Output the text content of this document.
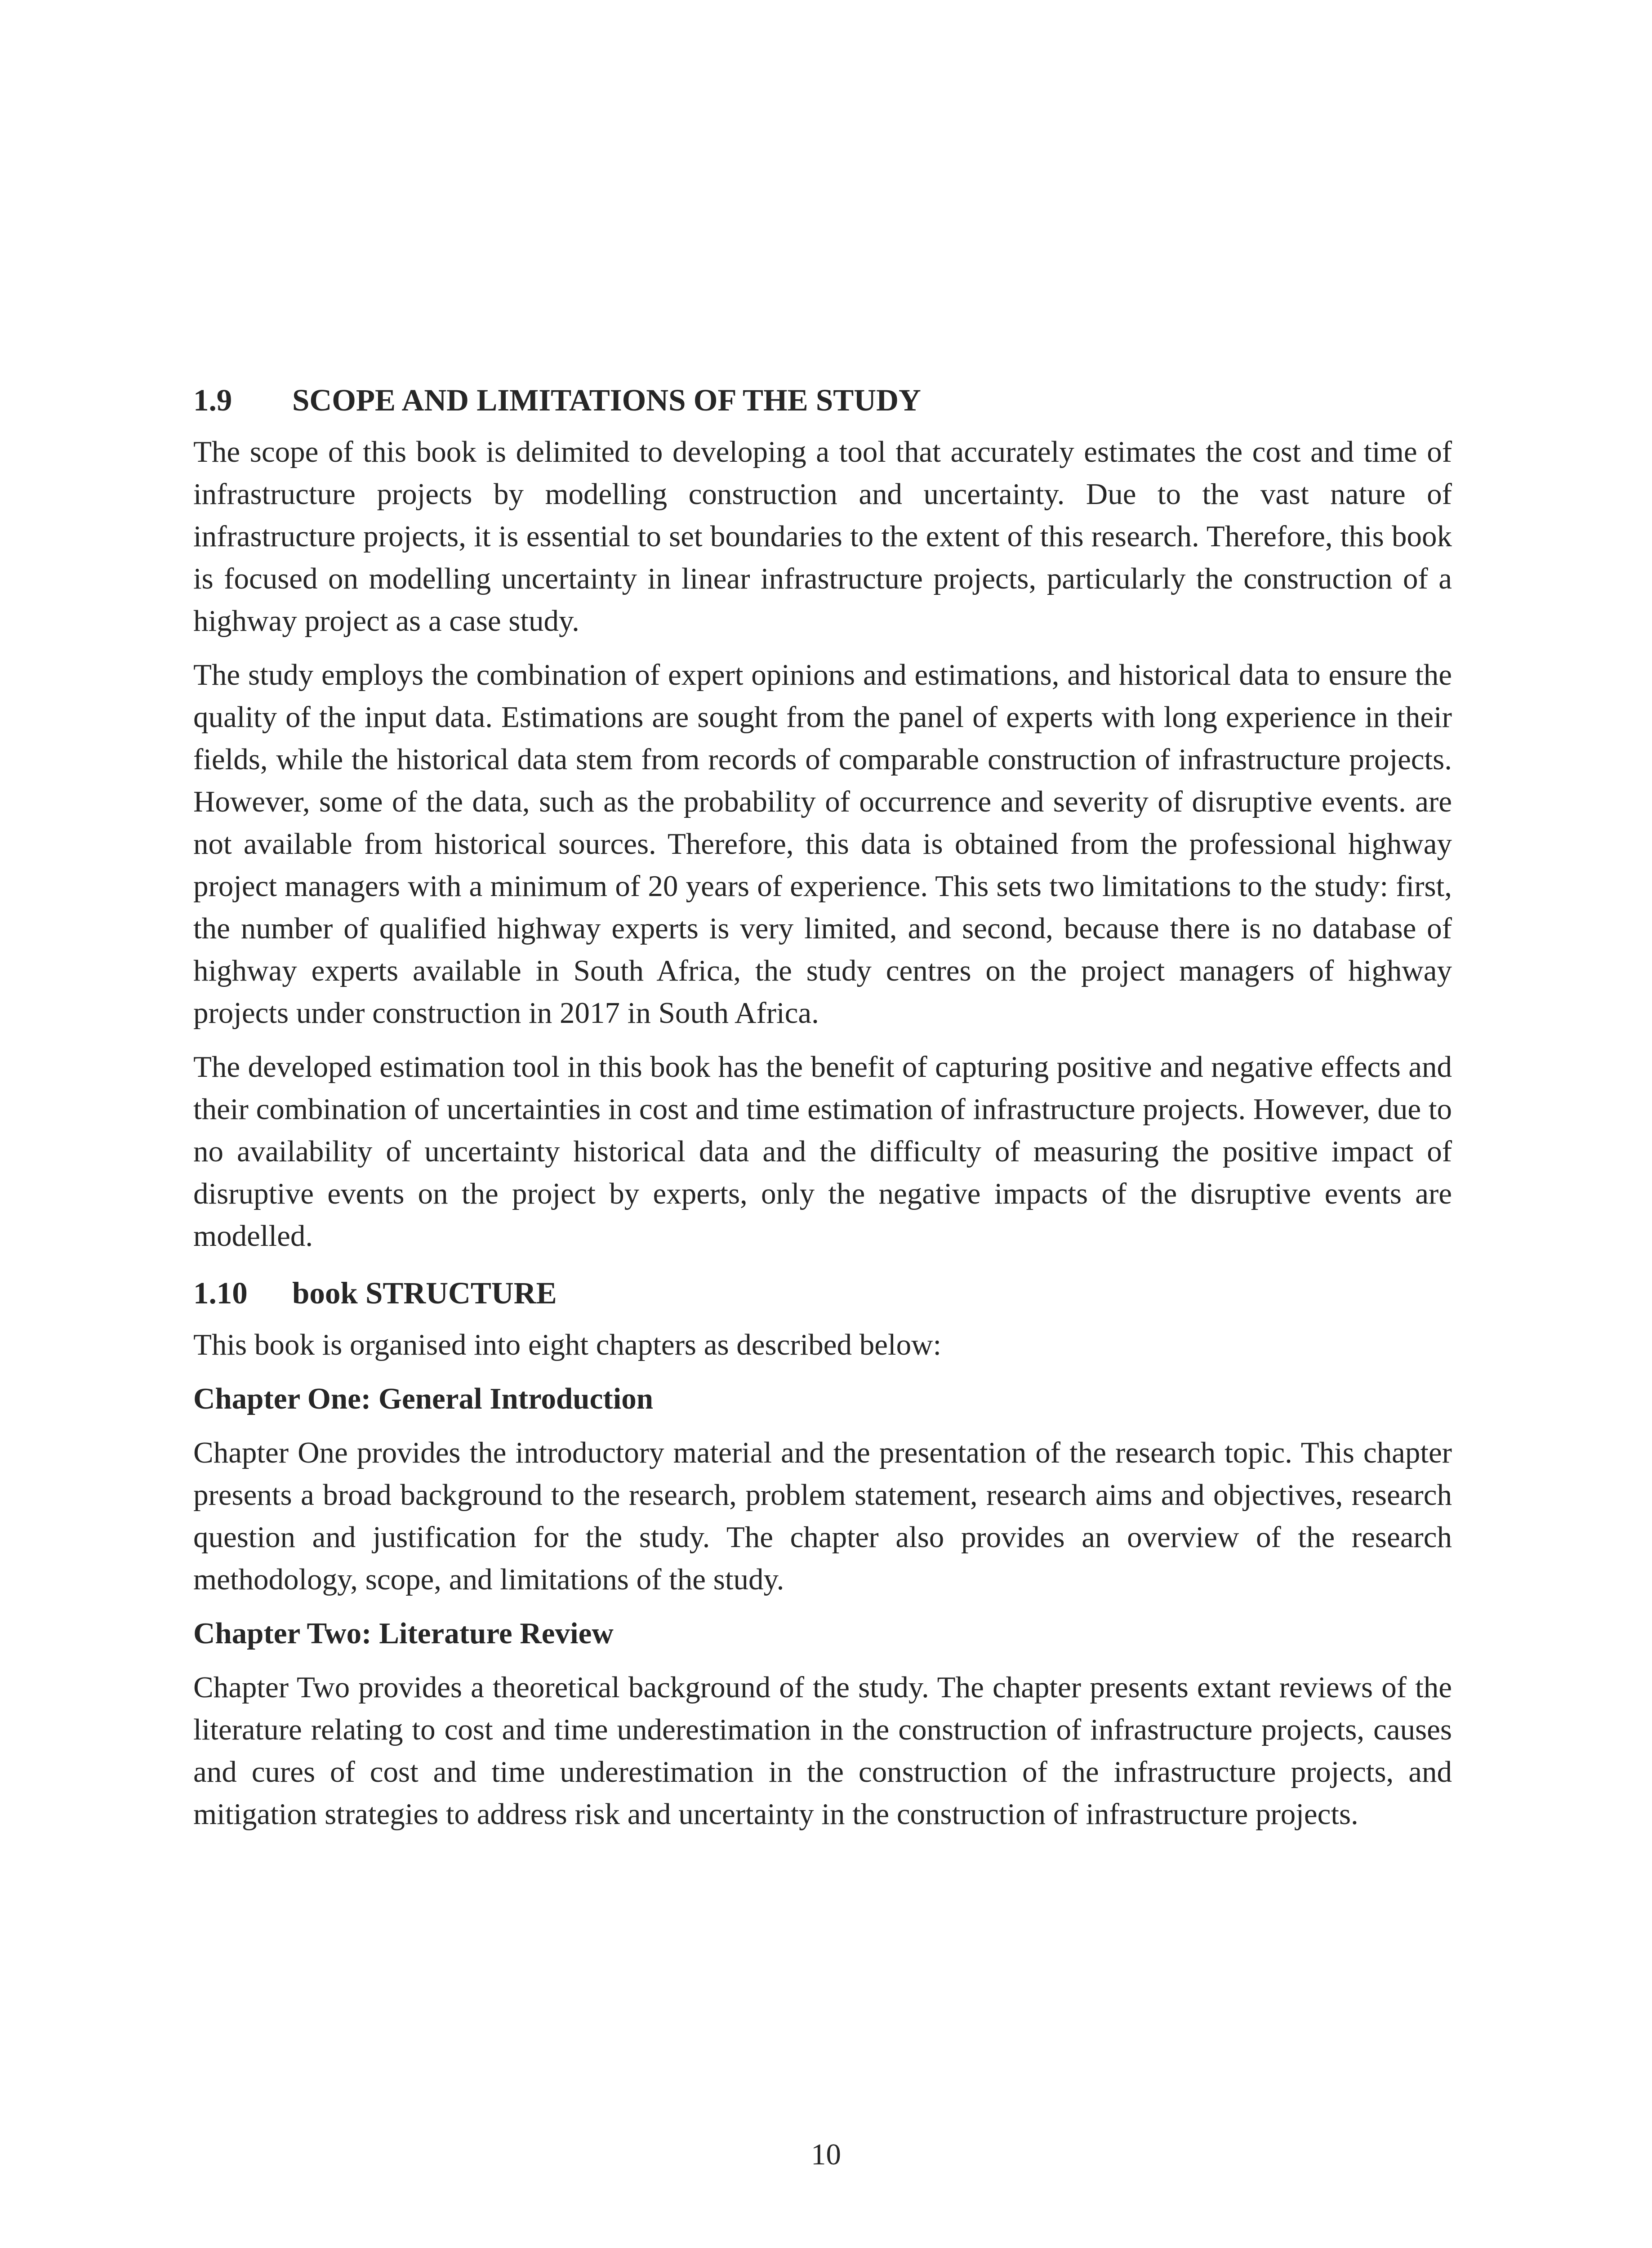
1.9 SCOPE AND LIMITATIONS OF THE STUDY

The scope of this book is delimited to developing a tool that accurately estimates the cost and time of infrastructure projects by modelling construction and uncertainty. Due to the vast nature of infrastructure projects, it is essential to set boundaries to the extent of this research. Therefore, this book is focused on modelling uncertainty in linear infrastructure projects, particularly the construction of a highway project as a case study.

The study employs the combination of expert opinions and estimations, and historical data to ensure the quality of the input data. Estimations are sought from the panel of experts with long experience in their fields, while the historical data stem from records of comparable construction of infrastructure projects. However, some of the data, such as the probability of occurrence and severity of disruptive events. are not available from historical sources. Therefore, this data is obtained from the professional highway project managers with a minimum of 20 years of experience. This sets two limitations to the study: first, the number of qualified highway experts is very limited, and second, because there is no database of highway experts available in South Africa, the study centres on the project managers of highway projects under construction in 2017 in South Africa.

The developed estimation tool in this book has the benefit of capturing positive and negative effects and their combination of uncertainties in cost and time estimation of infrastructure projects. However, due to no availability of uncertainty historical data and the difficulty of measuring the positive impact of disruptive events on the project by experts, only the negative impacts of the disruptive events are modelled.

1.10 book STRUCTURE

This book is organised into eight chapters as described below:

Chapter One: General Introduction

Chapter One provides the introductory material and the presentation of the research topic. This chapter presents a broad background to the research, problem statement, research aims and objectives, research question and justification for the study. The chapter also provides an overview of the research methodology, scope, and limitations of the study.

Chapter Two: Literature Review

Chapter Two provides a theoretical background of the study. The chapter presents extant reviews of the literature relating to cost and time underestimation in the construction of infrastructure projects, causes and cures of cost and time underestimation in the construction of the infrastructure projects, and mitigation strategies to address risk and uncertainty in the construction of infrastructure projects.

10
